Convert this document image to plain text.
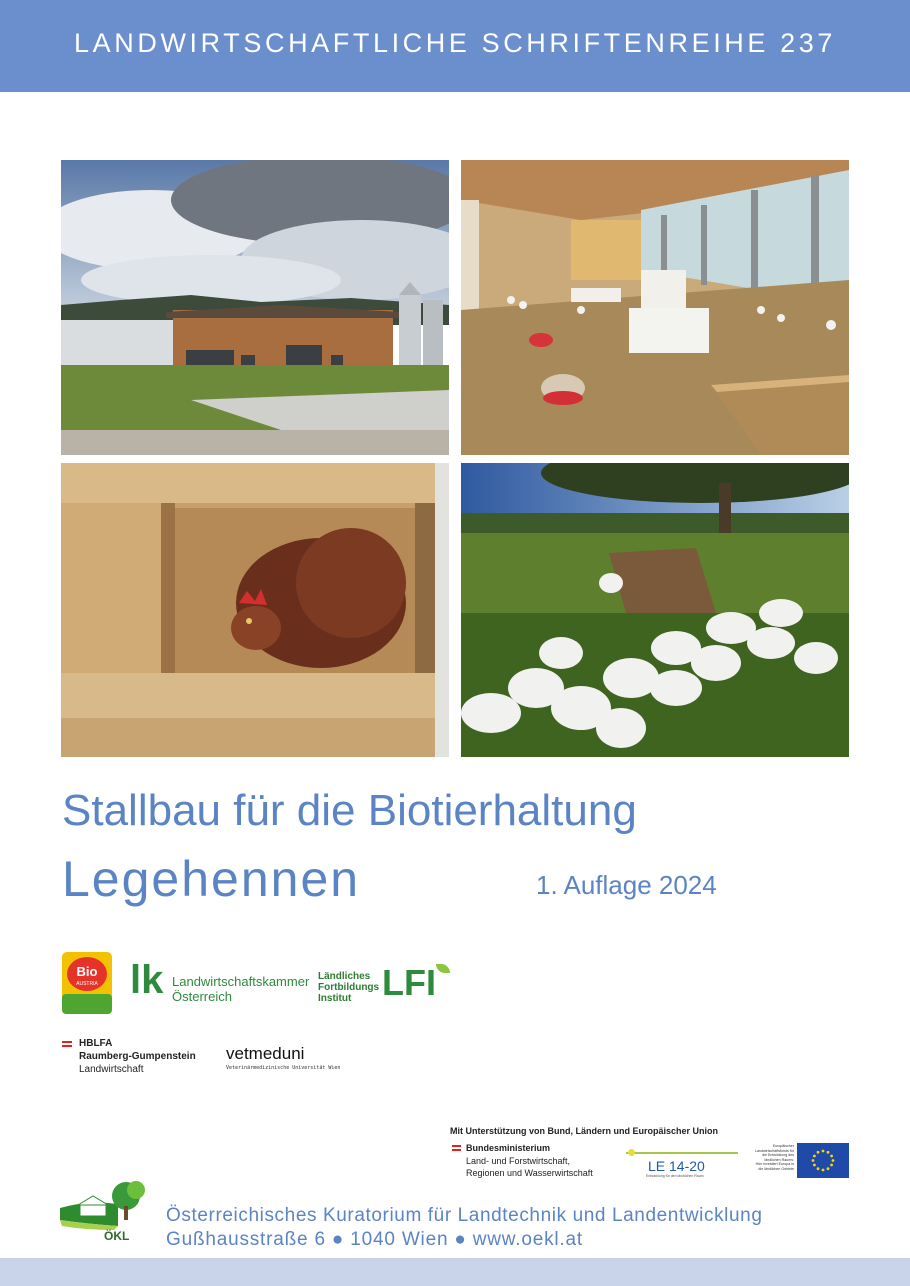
LANDWIRTSCHAFTLICHE SCHRIFTENREIHE 237
Stallbau für die Biotierhaltung
Legehennen	1. Auflage 2024
Bio
AUSTRIA lk Landwirtschaftskammer
Österreich
Ländliches
Fortbildungs
Institut LFI
HBLFA
Raumberg-Gumpenstein
Landwirtschaft
vetmeduni
Veterinärmedizinische Universität Wien
Mit Unterstützung von Bund, Ländern und Europäischer Union
Bundesministerium
Land- und Forstwirtschaft,
Regionen und Wasserwirtschaft	LE 14-20
Entwicklung für den ländlichen Raum
Europäischer
Landwirtschaftsfonds für
die Entwicklung des
ländlichen Raums:
Hier investiert Europa in
die ländlichen Gebiete
ÖKL
Österreichisches Kuratorium für Landtechnik und Landentwicklung
Gußhausstraße 6 ● 1040 Wien ● www.oekl.at
